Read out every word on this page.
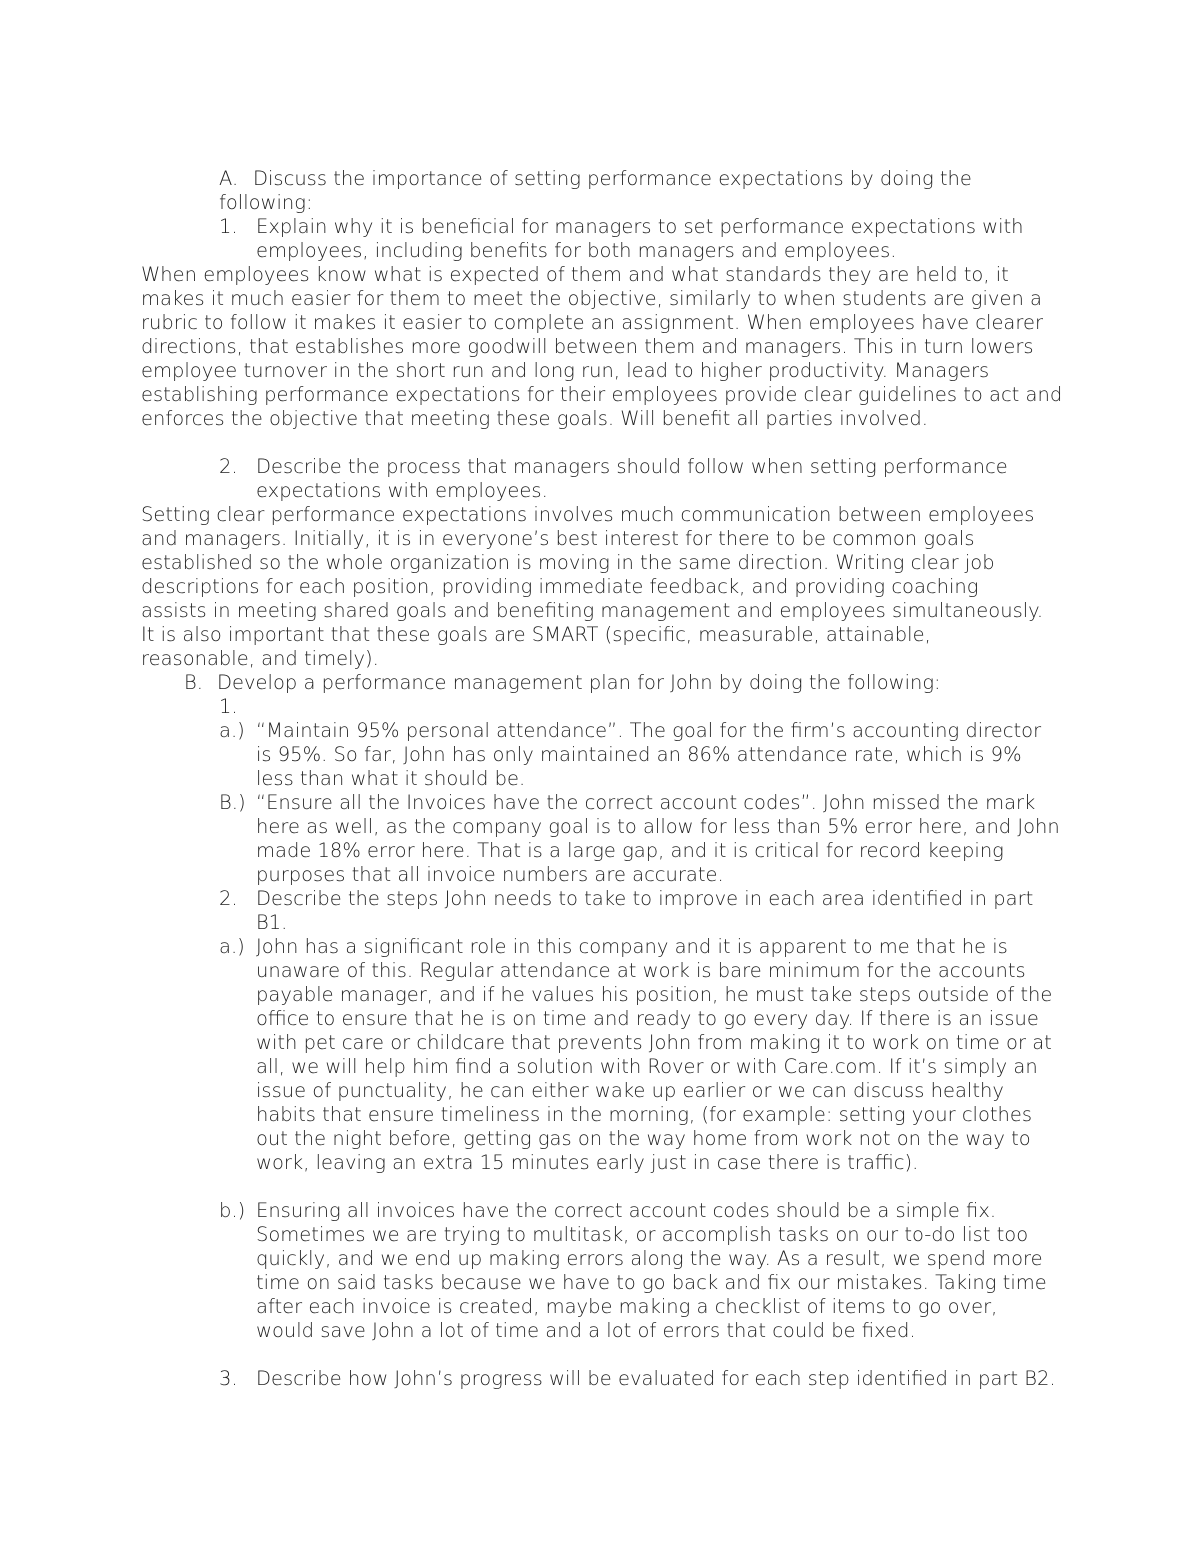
A. Discuss the importance of setting performance expectations by doing the following:
1. Explain why it is beneficial for managers to set performance expectations with employees, including benefits for both managers and employees.

When employees know what is expected of them and what standards they are held to, it makes it much easier for them to meet the objective, similarly to when students are given a rubric to follow it makes it easier to complete an assignment. When employees have clearer directions, that establishes more goodwill between them and managers. This in turn lowers employee turnover in the short run and long run, lead to higher productivity. Managers establishing performance expectations for their employees provide clear guidelines to act and enforces the objective that meeting these goals. Will benefit all parties involved.

2. Describe the process that managers should follow when setting performance expectations with employees.

Setting clear performance expectations involves much communication between employees and managers. Initially, it is in everyone’s best interest for there to be common goals established so the whole organization is moving in the same direction. Writing clear job descriptions for each position, providing immediate feedback, and providing coaching assists in meeting shared goals and benefiting management and employees simultaneously. It is also important that these goals are SMART (specific, measurable, attainable, reasonable, and timely).

B. Develop a performance management plan for John by doing the following:
1.
a.) “Maintain 95% personal attendance”. The goal for the firm’s accounting director is 95%. So far, John has only maintained an 86% attendance rate, which is 9% less than what it should be.
B.) “Ensure all the Invoices have the correct account codes”. John missed the mark here as well, as the company goal is to allow for less than 5% error here, and John made 18% error here. That is a large gap, and it is critical for record keeping purposes that all invoice numbers are accurate.
2. Describe the steps John needs to take to improve in each area identified in part B1.
a.) John has a significant role in this company and it is apparent to me that he is unaware of this. Regular attendance at work is bare minimum for the accounts payable manager, and if he values his position, he must take steps outside of the office to ensure that he is on time and ready to go every day. If there is an issue with pet care or childcare that prevents John from making it to work on time or at all, we will help him find a solution with Rover or with Care.com. If it’s simply an issue of punctuality, he can either wake up earlier or we can discuss healthy habits that ensure timeliness in the morning, (for example: setting your clothes out the night before, getting gas on the way home from work not on the way to work, leaving an extra 15 minutes early just in case there is traffic).
b.) Ensuring all invoices have the correct account codes should be a simple fix. Sometimes we are trying to multitask, or accomplish tasks on our to-do list too quickly, and we end up making errors along the way. As a result, we spend more time on said tasks because we have to go back and fix our mistakes. Taking time after each invoice is created, maybe making a checklist of items to go over, would save John a lot of time and a lot of errors that could be fixed.
3. Describe how John’s progress will be evaluated for each step identified in part B2.
